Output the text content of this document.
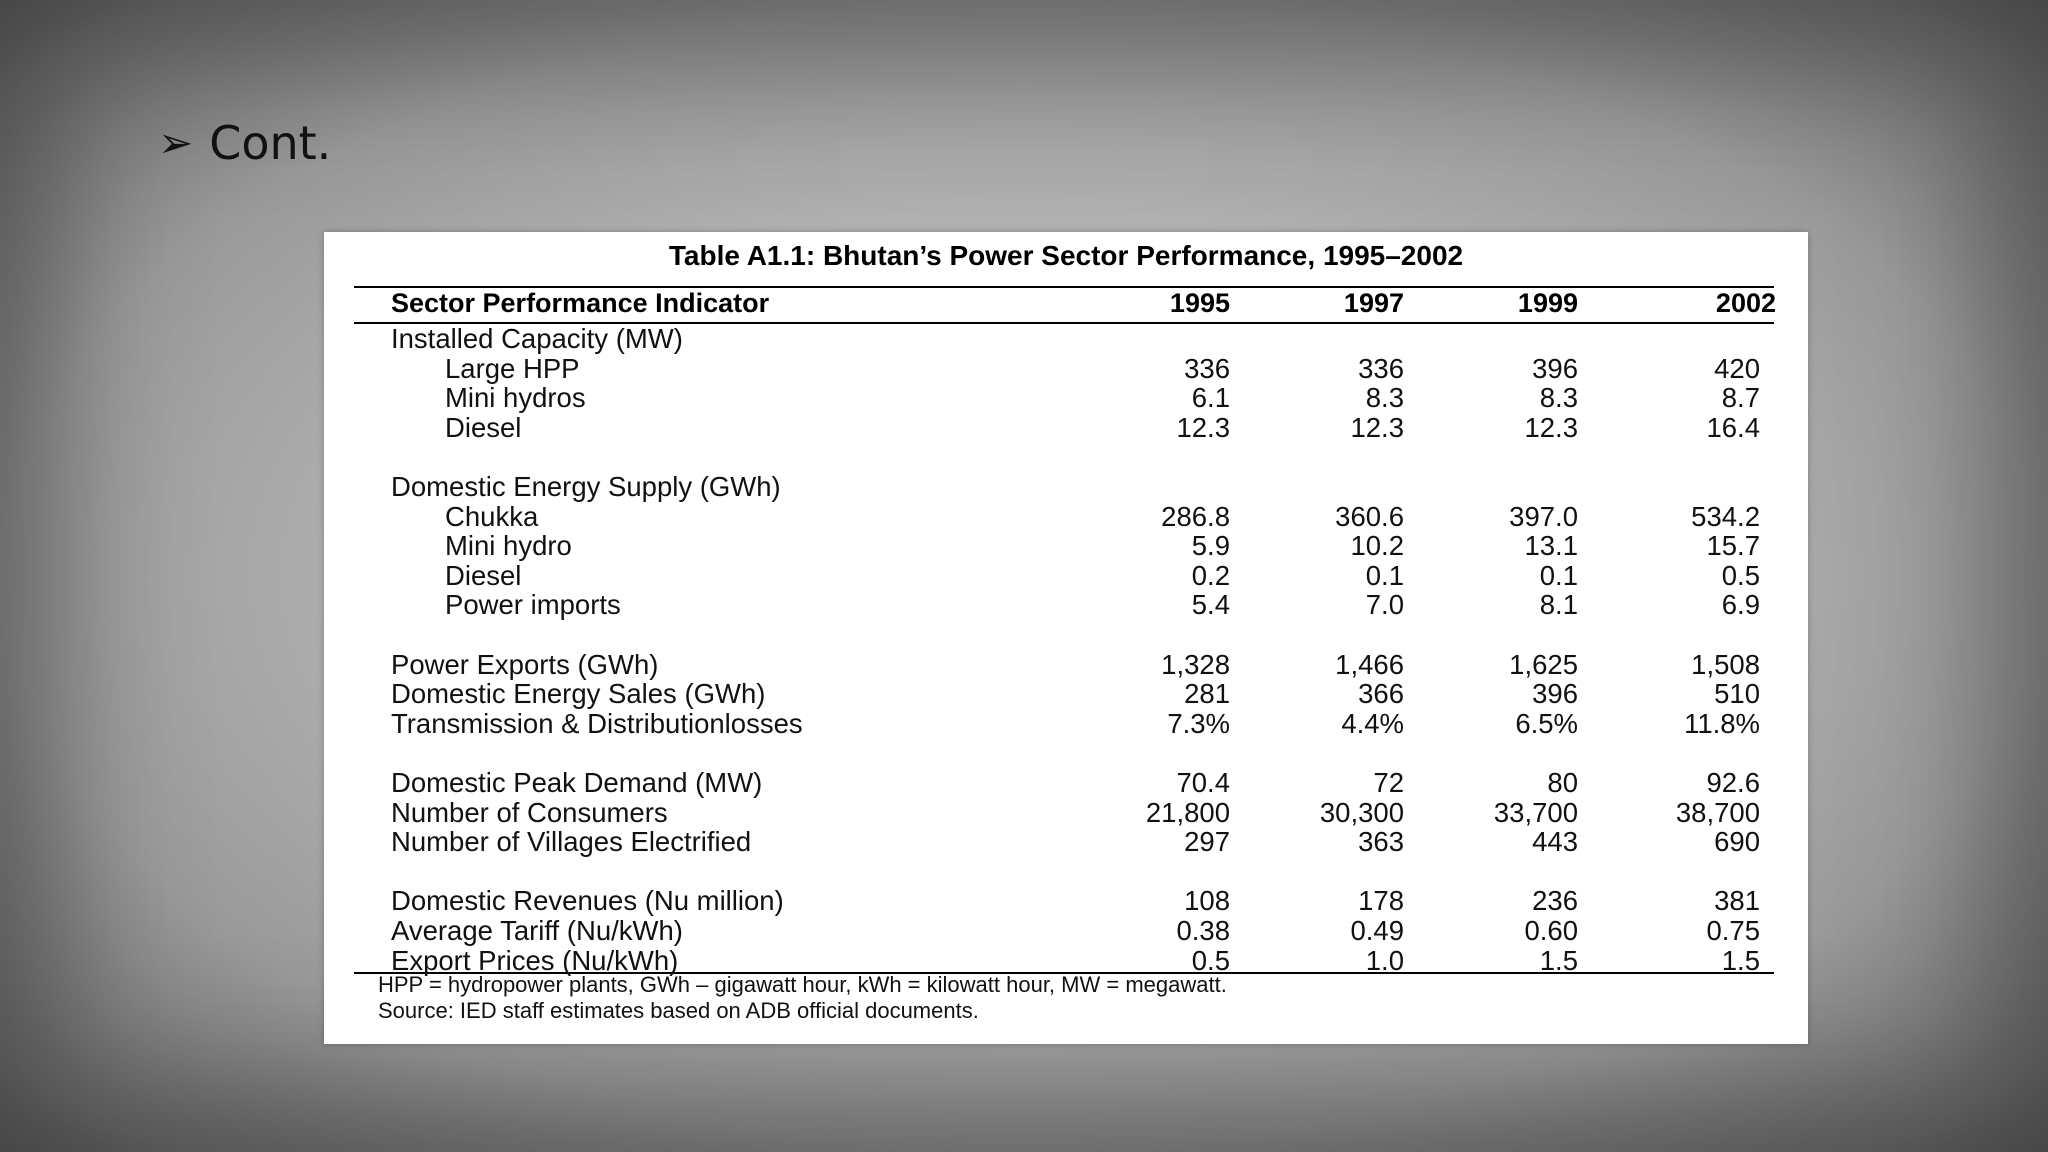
➢ Cont.
Table A1.1: Bhutan’s Power Sector Performance, 1995–2002
Sector Performance Indicator	1995	1997	1999	2002
Installed Capacity (MW)
Large HPP	336	336	396	420
Mini hydros	6.1	8.3	8.3	8.7
Diesel	12.3	12.3	12.3	16.4
Domestic Energy Supply (GWh)
Chukka	286.8	360.6	397.0	534.2
Mini hydro	5.9	10.2	13.1	15.7
Diesel	0.2	0.1	0.1	0.5
Power imports	5.4	7.0	8.1	6.9
Power Exports (GWh)	1,328	1,466	1,625	1,508
Domestic Energy Sales (GWh)	281	366	396	510
Transmission & Distributionlosses	7.3%	4.4%	6.5%	11.8%
Domestic Peak Demand (MW)	70.4	72	80	92.6
Number of Consumers	21,800	30,300	33,700	38,700
Number of Villages Electrified	297	363	443	690
Domestic Revenues (Nu million)	108	178	236	381
Average Tariff (Nu/kWh)	0.38	0.49	0.60	0.75
Export Prices (Nu/kWh)	0.5	1.0	1.5	1.5
HPP = hydropower plants, GWh – gigawatt hour, kWh = kilowatt hour, MW = megawatt.
Source: IED staff estimates based on ADB official documents.
